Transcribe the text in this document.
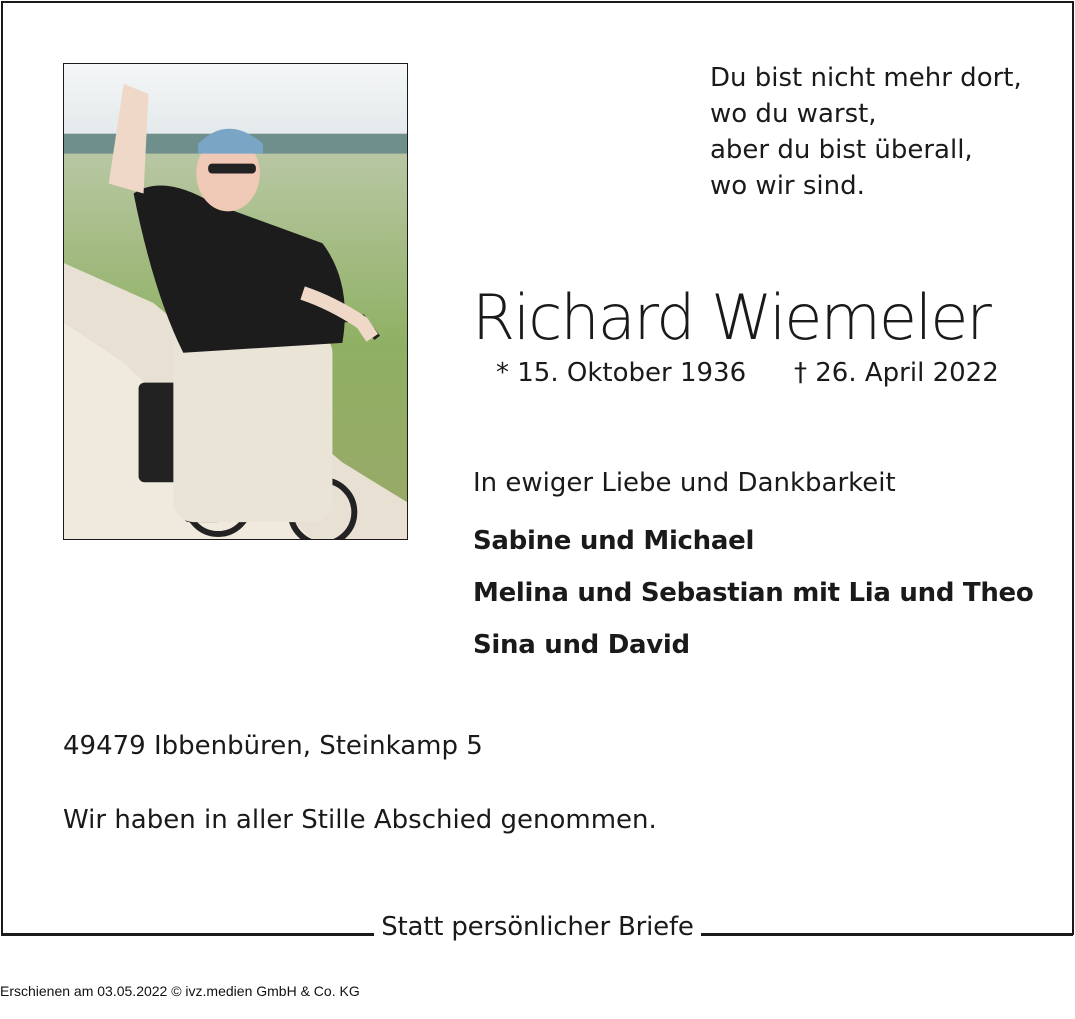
Statt persönlicher Briefe
Du bist nicht mehr dort,
wo du warst,
aber du bist überall,
wo wir sind.
Richard Wiemeler
* 15. Oktober 1936 † 26. April 2022
In ewiger Liebe und Dankbarkeit
Sabine und Michael
Melina und Sebastian mit Lia und Theo
Sina und David
49479 Ibbenbüren, Steinkamp 5
Wir haben in aller Stille Abschied genommen.
Erschienen am 03.05.2022 © ivz.medien GmbH & Co. KG
